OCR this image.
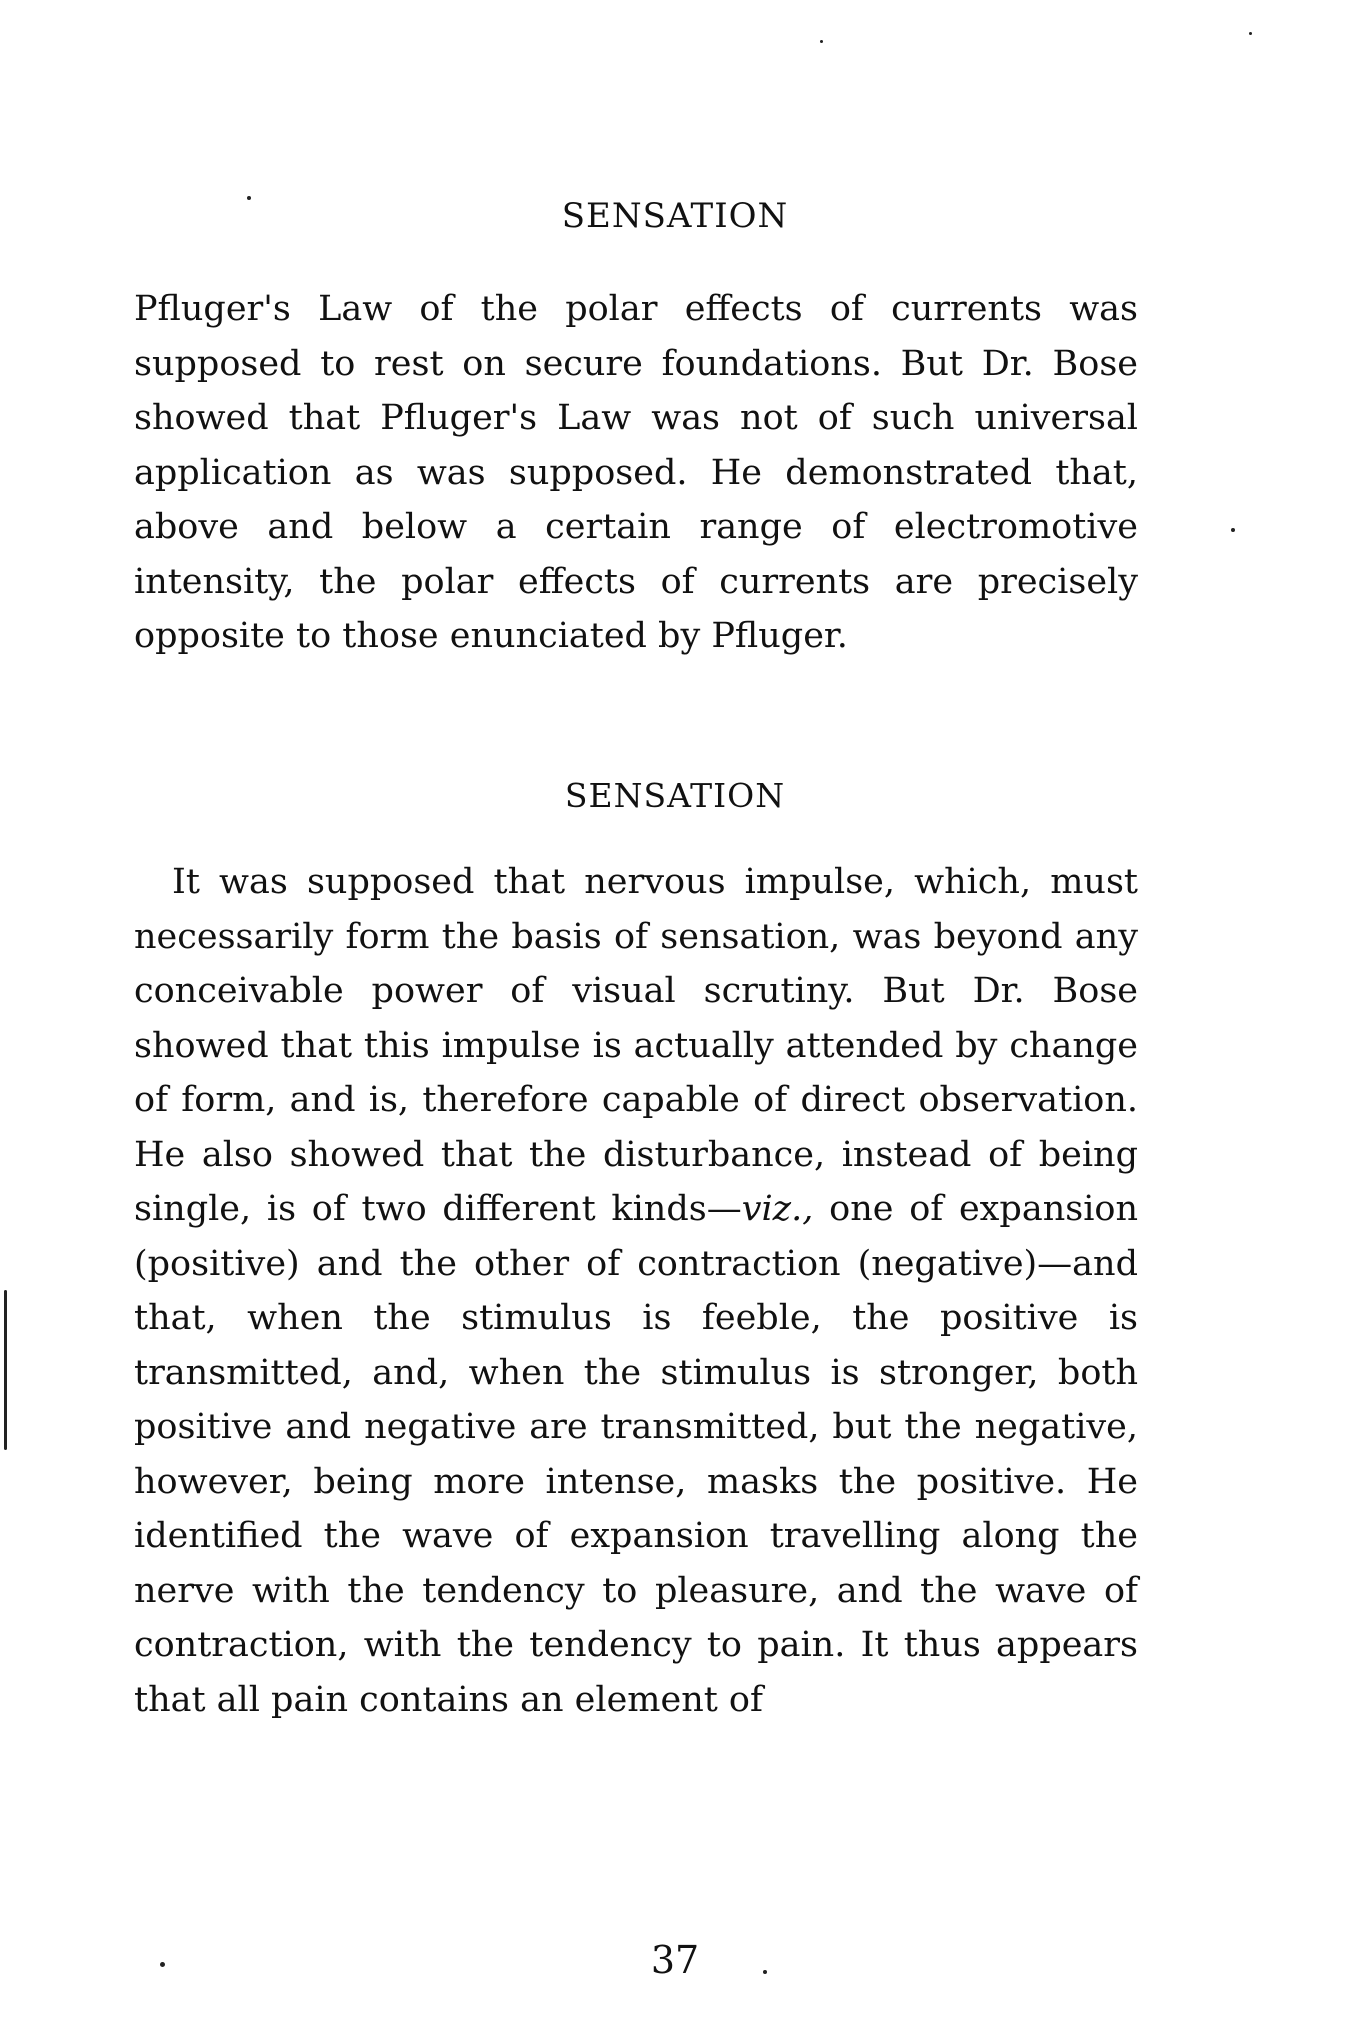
SENSATION

Pfluger's Law of the polar effects of currents was supposed to rest on secure foundations. But Dr. Bose showed that Pfluger's Law was not of such universal application as was supposed. He demonstrated that, above and below a certain range of electromotive intensity, the polar effects of currents are precisely opposite to those enunciated by Pfluger.

SENSATION

It was supposed that nervous impulse, which, must necessarily form the basis of sensation, was beyond any conceivable power of visual scrutiny. But Dr. Bose showed that this impulse is actually attended by change of form, and is, therefore capable of direct observation. He also showed that the disturbance, instead of being single, is of two different kinds—viz., one of expansion (positive) and the other of contraction (negative)—and that, when the stimulus is feeble, the positive is transmitted, and, when the stimulus is stronger, both positive and negative are transmitted, but the negative, however, being more intense, masks the positive. He identified the wave of expansion travelling along the nerve with the tendency to pleasure, and the wave of contraction, with the tendency to pain. It thus appears that all pain contains an element of

37
